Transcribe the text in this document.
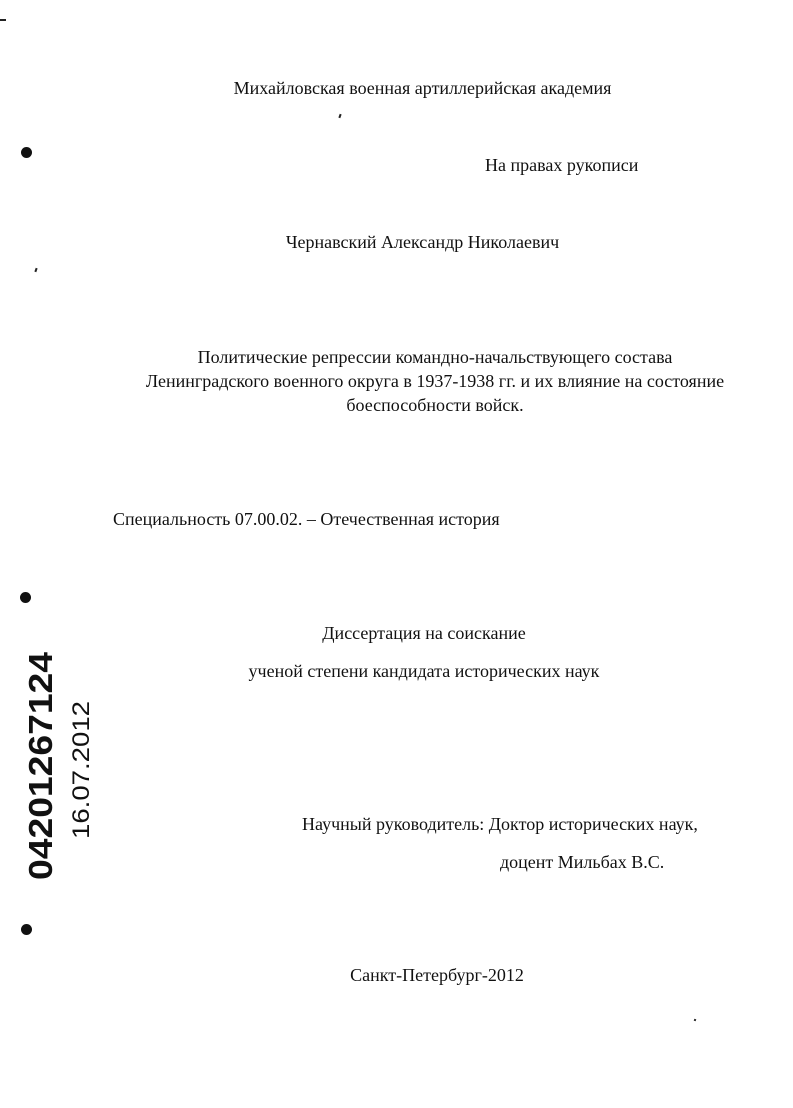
Михайловская военная артиллерийская академия
На правах рукописи
Чернавский Александр Николаевич
Политические репрессии командно-начальствующего состава
Ленинградского военного округа в 1937-1938 гг. и их влияние на состояние
боеспособности войск.
Специальность 07.00.02. – Отечественная история
Диссертация на соискание
ученой степени кандидата исторических наук
Научный руководитель: Доктор исторических наук,
доцент Мильбах В.С.
Санкт-Петербург-2012
04201267124 16.07.2012
